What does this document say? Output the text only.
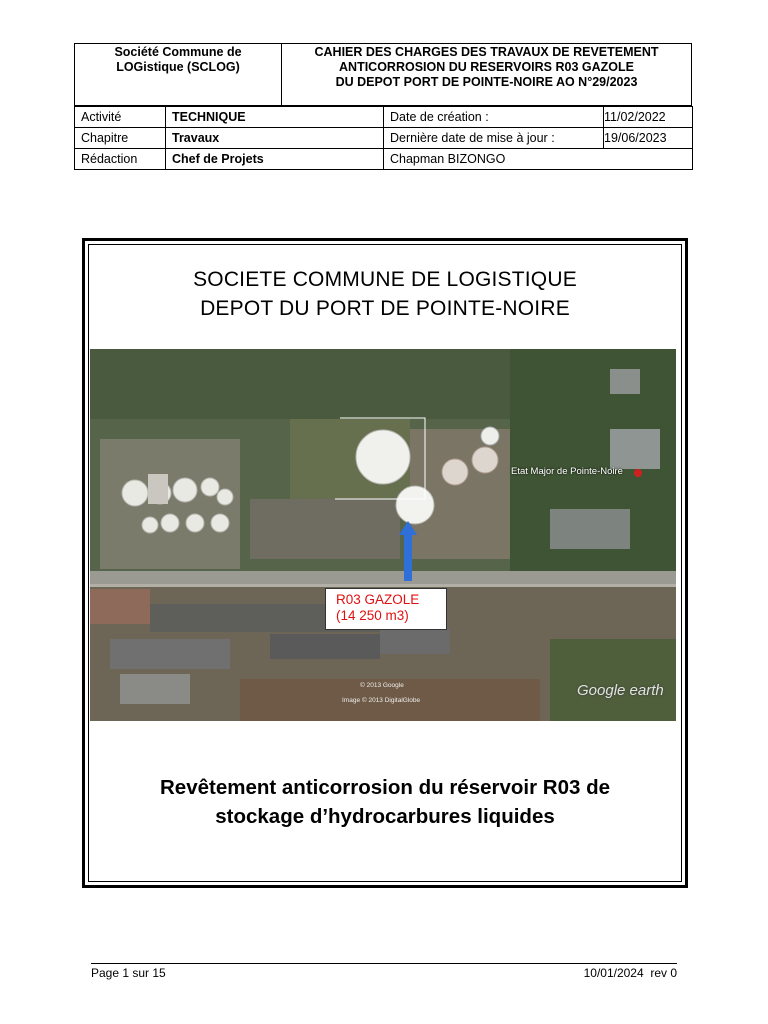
Société Commune de
LOGistique (SCLOG)
CAHIER DES CHARGES DES TRAVAUX DE REVETEMENT
ANTICORROSION DU RESERVOIRS R03 GAZOLE
DU DEPOT PORT DE POINTE-NOIRE AO N°29/2023
Activité	TECHNIQUE	Date de création :	11/02/2022
Chapitre	Travaux	Dernière date de mise à jour :	19/06/2023
Rédaction	Chef de Projets	Chapman BIZONGO	
SOCIETE COMMUNE DE LOGISTIQUE
DEPOT DU PORT DE POINTE-NOIRE
R03 GAZOLE
(14 250 m3)
Etat Major de Pointe-Noire
© 2013 Google
Image © 2013 DigitalGlobe
Google earth
Revêtement anticorrosion du réservoir R03 de
stockage d’hydrocarbures liquides
Page 1 sur 15	10/01/2024  rev 0
